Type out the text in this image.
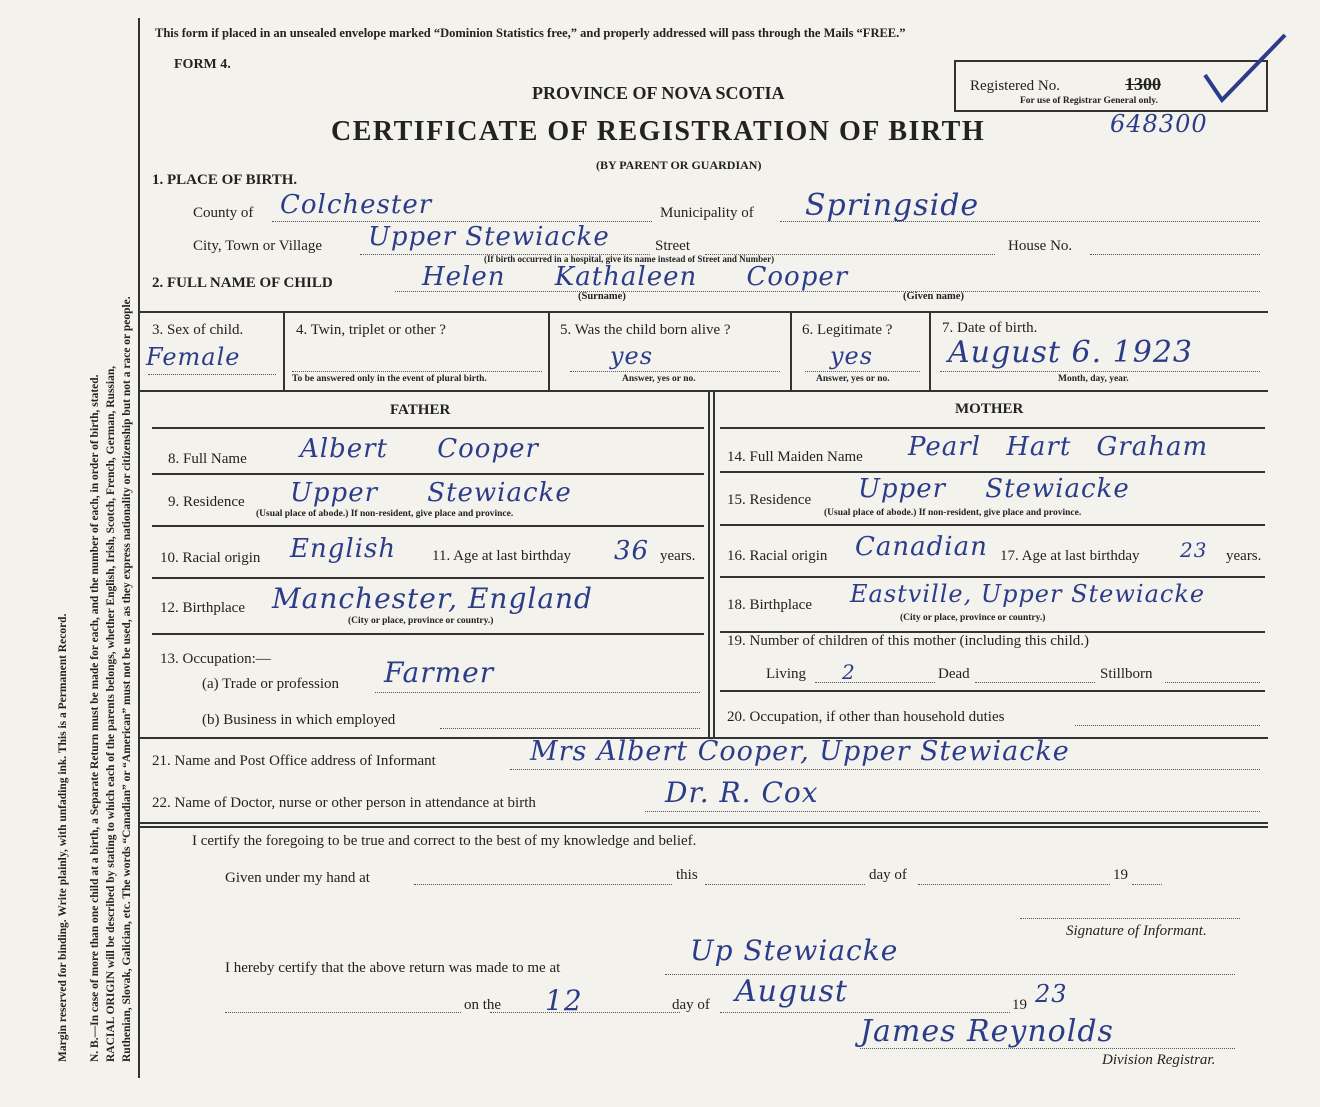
Margin reserved for binding. Write plainly, with unfading ink. This is a Permanent Record. N. B.—In case of more than one child at a birth, a Separate Return must be made for each, and the number of each, in order of birth, stated. RACIAL ORIGIN will be described by stating to which each of the parents belongs, whether English, Irish, Scotch, French, German, Russian, Ruthenian, Slovak, Galician, etc. The words “Canadian” or “American” must not be used, as they express nationality or citizenship but not a race or people.
This form if placed in an unsealed envelope marked “Dominion Statistics free,” and properly addressed will pass through the Mails “FREE.”
FORM 4.
PROVINCE OF NOVA SCOTIA
CERTIFICATE OF REGISTRATION OF BIRTH
(BY PARENT OR GUARDIAN)
Registered No.	1300
For use of Registrar General only.
648300
1. PLACE OF BIRTH.
County of Colchester	Municipality of Springside
City, Town or Village Upper Stewiacke	Street
(If birth occurred in a hospital, give its name instead of Street and Number)
House No.
2. FULL NAME OF CHILD	Helen Kathaleen Cooper
(Surname)	(Given name)
3. Sex of child.
Female
4. Twin, triplet or other ?
To be answered only in the event of plural birth.
5. Was the child born alive ?
yes
Answer, yes or no.
6. Legitimate ?
yes
Answer, yes or no.
7. Date of birth.
August 6. 1923
Month, day, year.
FATHER	MOTHER
8. Full Name Albert Cooper
9. Residence Upper Stewiacke
(Usual place of abode.) If non-resident, give place and province.
10. Racial origin English 11. Age at last birthday 36 years.
12. Birthplace Manchester, England
(City or place, province or country.)
13. Occupation:—
(a) Trade or profession Farmer
(b) Business in which employed
14. Full Maiden Name Pearl Hart Graham
15. Residence Upper Stewiacke
(Usual place of abode.) If non-resident, give place and province.
16. Racial origin Canadian 17. Age at last birthday 23 years.
18. Birthplace Eastville, Upper Stewiacke
(City or place, province or country.)
19. Number of children of this mother (including this child.)
Living 2	Dead	Stillborn
20. Occupation, if other than household duties
21. Name and Post Office address of Informant	Mrs Albert Cooper, Upper Stewiacke
22. Name of Doctor, nurse or other person in attendance at birth	Dr. R. Cox
I certify the foregoing to be true and correct to the best of my knowledge and belief.
Given under my hand at	this	day of	19
Signature of Informant.
I hereby certify that the above return was made to me at
Up Stewiacke
on the 12	day of August	19 23
James Reynolds
Division Registrar.
